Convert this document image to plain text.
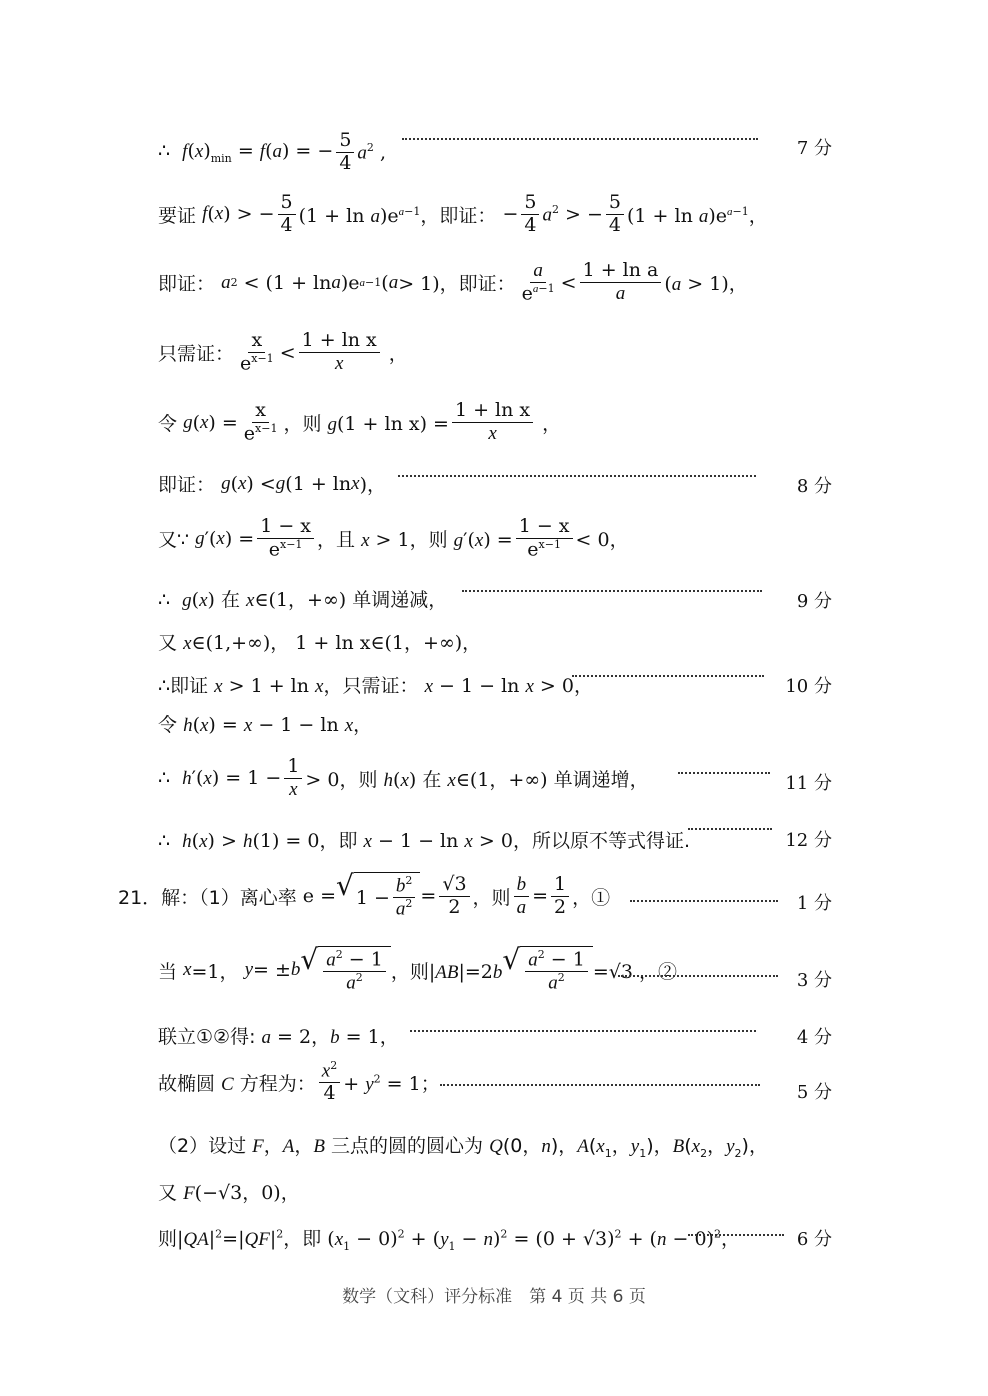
∴  $f(x)_{min} = f(a)$ = − $\frac{5}{4} a^2$ ,	7 分
要证
f ( x ) > − $\frac{5}{4} (1 + \ln a)e^{a-1}$， 即证： − $\frac{5}{4} a^2$ > − $\frac{5}{4} (1 + \ln a)e^{a-1}$，
即证：
a 2 < (1 + ln a )e a−1 ( a > 1)， 即证： $\frac{a}{e^{a-1}} < \frac{\text{1 + ln a}}{a} (a > 1)$，
只需证： $\frac{x}{e^{x-1}} < \frac{\text{1 + ln x}}{x}$ ，
令
g ( x ) = $\frac{x}{e^{x-1}}$ ，则 $g(1 + \ln x) = \frac{\text{1 + ln x}}{x}$ ，
即证：
g ( x ) < g (1 + ln x )，	8 分
又∵
g ′( x ) = $\frac{1 - x}{e^{x-1}}$ ，且 x > 1，则 $g'(x) = \frac{1 - x}{e^{x-1}} < 0$，
∴  g(x) 在 x∈(1，+∞) 单调递减，	9 分
又 x∈(1,+∞)， 1 + ln x∈(1，+∞)，
∴即证 x > 1 + ln x，只需证： x − 1 − ln x > 0，	10 分
令 h(x) = x − 1 − ln x，
∴  $h'(x) = 1 - \frac{1}{x} > 0$，则 h(x) 在 x∈(1，+∞) 单调递增，	11 分
∴  h(x) > h(1) = 0，即 x − 1 − ln x > 0，所以原不等式得证.	12 分
21．解：（1）离心率 e = √ $1 - \frac{b^2}{a^2} = \frac{√3}{2}$ ，则 $\frac{b}{a} = \frac{1}{2}$ ，①	1 分
当
x =1， y = ± b √ $\frac{a^2 - 1}{a^2}$ ，则|AB|=2b √ $\frac{a^2 - 1}{a^2} =√3$ ，②	3 分
联立①②得: a = 2，b = 1，	4 分
故椭圆 C 方程为： $\frac{x^2}{4} + y^2 = 1$；	5 分
（2）设过 F，A，B 三点的圆的圆心为 Q(0，n)，$A(x_1$，$y_1$)，$B(x_2$，$y_2$)，
又 F(−√3，0)，
则$|QA|^2=|QF|^2$，即 $(x_1 - 0)^2 + (y_1 - n)^2 = (0 + √3)^2 + (n - 0)^2$，	6 分
数学（文科）评分标准　第 4 页 共 6 页
